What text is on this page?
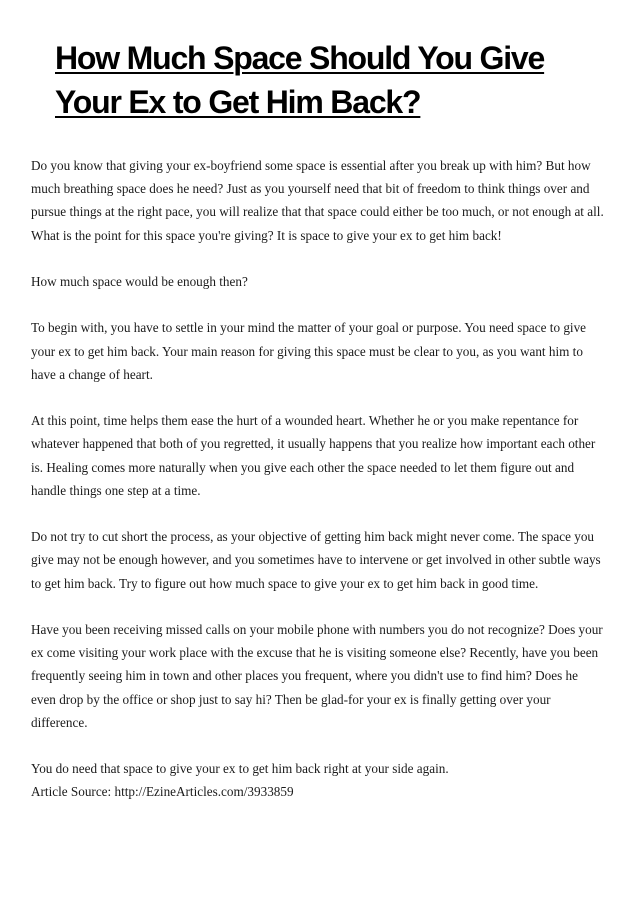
How Much Space Should You Give
Your Ex to Get Him Back?

Do you know that giving your ex-boyfriend some space is essential after you break up with him? But how much breathing space does he need? Just as you yourself need that bit of freedom to think things over and pursue things at the right pace, you will realize that that space could either be too much, or not enough at all. What is the point for this space you're giving? It is space to give your ex to get him back!

How much space would be enough then?

To begin with, you have to settle in your mind the matter of your goal or purpose. You need space to give your ex to get him back. Your main reason for giving this space must be clear to you, as you want him to have a change of heart.

At this point, time helps them ease the hurt of a wounded heart. Whether he or you make repentance for whatever happened that both of you regretted, it usually happens that you realize how important each other is. Healing comes more naturally when you give each other the space needed to let them figure out and handle things one step at a time.

Do not try to cut short the process, as your objective of getting him back might never come. The space you give may not be enough however, and you sometimes have to intervene or get involved in other subtle ways to get him back. Try to figure out how much space to give your ex to get him back in good time.

Have you been receiving missed calls on your mobile phone with numbers you do not recognize? Does your ex come visiting your work place with the excuse that he is visiting someone else? Recently, have you been frequently seeing him in town and other places you frequent, where you didn't use to find him? Does he even drop by the office or shop just to say hi? Then be glad-for your ex is finally getting over your difference.

You do need that space to give your ex to get him back right at your side again.

Article Source: http://EzineArticles.com/3933859
